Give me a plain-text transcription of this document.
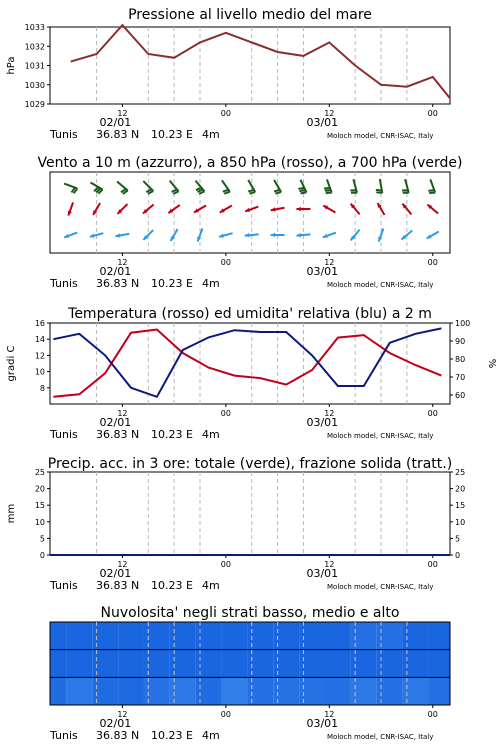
12	00	12	00
02/01	03/01
Tunis 36.83 N 10.23 E 4m	Moloch model, CNR-ISAC, Italy
Pressione al livello medio del mare
1029
1030
1031
1032
1033
hPa
12	00	12	00
02/01	03/01
Tunis 36.83 N 10.23 E 4m	Moloch model, CNR-ISAC, Italy
Vento a 10 m (azzurro), a 850 hPa (rosso), a 700 hPa (verde)
12	00	12	00
02/01	03/01
Tunis 36.83 N 10.23 E 4m	Moloch model, CNR-ISAC, Italy
Temperatura (rosso) ed umidita' relativa (blu) a 2 m
8
10
12
14
16
60
70
80
90
100
gradi C	%
12	00	12	00
02/01	03/01
Tunis 36.83 N 10.23 E 4m	Moloch model, CNR-ISAC, Italy
Precip. acc. in 3 ore: totale (verde), frazione solida (tratt.)
0	0
5	5
10	10
15	15
20	20
25	25
mm
12	00	12	00
02/01	03/01
Tunis 36.83 N 10.23 E 4m	Moloch model, CNR-ISAC, Italy
Nuvolosita' negli strati basso, medio e alto
